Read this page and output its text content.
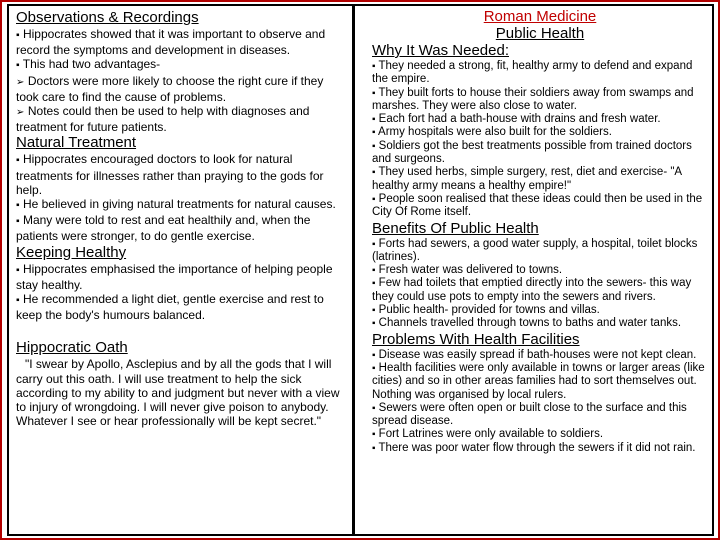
Observations & Recordings
▪ Hippocrates showed that it was important to observe and record the symptoms and development in diseases.
▪ This had two advantages-
➢ Doctors were more likely to choose the right cure if they took care to find the cause of problems.
➢ Notes could then be used to help with diagnoses and treatment for future patients.
Natural Treatment
▪ Hippocrates encouraged doctors to look for natural treatments for illnesses rather than praying to the gods for help.
▪ He believed in giving natural treatments for natural causes.
▪ Many were told to rest and eat healthily and, when the patients were stronger, to do gentle exercise.
Keeping Healthy
▪ Hippocrates emphasised the importance of helping people stay healthy.
▪ He recommended a light diet, gentle exercise and rest to keep the body's humours balanced.
Hippocratic Oath
"I swear by Apollo, Asclepius and by all the gods that I will carry out this oath. I will use treatment to help the sick according to my ability to and judgment but never with a view to injury of wrongdoing. I will never give poison to anybody. Whatever I see or hear professionally will be kept secret."
Roman Medicine
Public Health
Why It Was Needed:
▪ They needed a strong, fit, healthy army to defend and expand the empire.
▪ They built forts to house their soldiers away from swamps and marshes. They were also close to water.
▪ Each fort had a bath-house with drains and fresh water.
▪ Army hospitals were also built for the soldiers.
▪ Soldiers got the best treatments possible from trained doctors and surgeons.
▪ They used herbs, simple surgery, rest, diet and exercise- "A healthy army means a healthy empire!"
▪ People soon realised that these ideas could then be used in the City Of Rome itself.
Benefits Of Public Health
▪ Forts had sewers, a good water supply, a hospital, toilet blocks (latrines).
▪ Fresh water was delivered to towns.
▪ Few had toilets that emptied directly into the sewers- this way they could use pots to empty into the sewers and rivers.
▪ Public health- provided for towns and villas.
▪ Channels travelled through towns to baths and water tanks.
Problems With Health Facilities
▪ Disease was easily spread if bath-houses were not kept clean.
▪ Health facilities were only available in towns or larger areas (like cities) and so in other areas families had to sort themselves out. Nothing was organised by local rulers.
▪ Sewers were often open or built close to the surface and this spread disease.
▪ Fort Latrines were only available to soldiers.
▪ There was poor water flow through the sewers if it did not rain.
